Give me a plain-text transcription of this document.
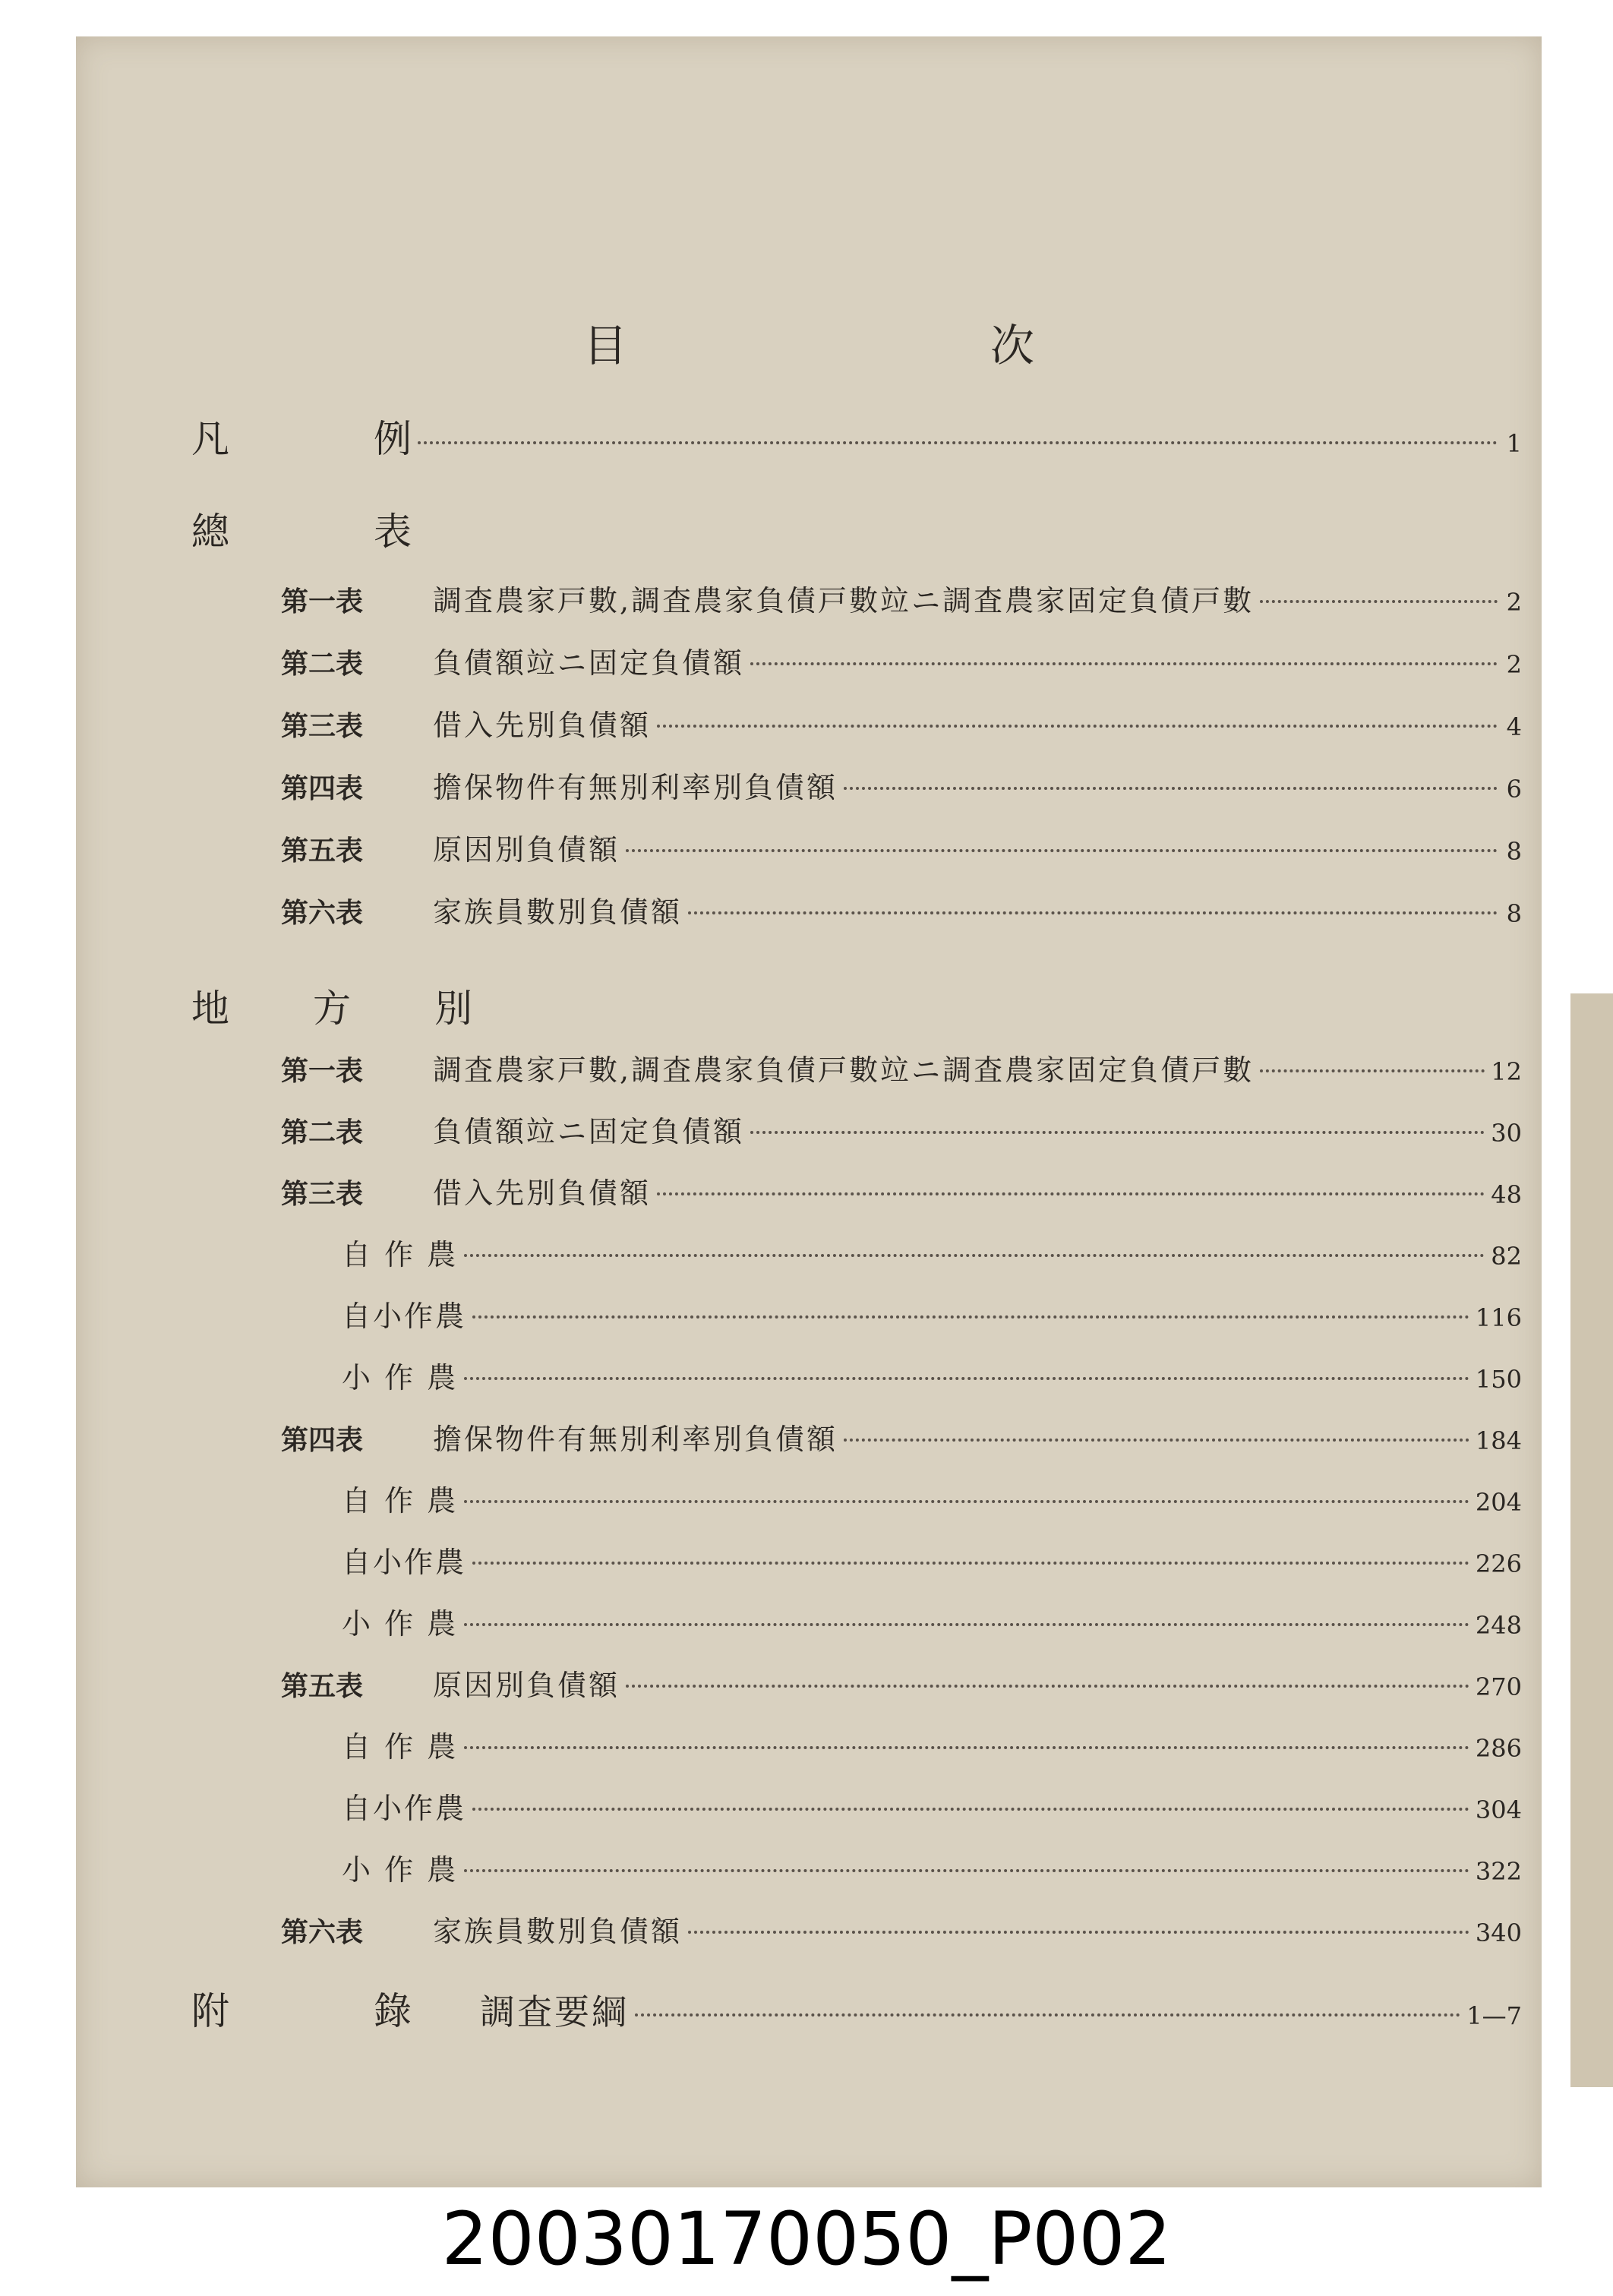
目　次
凡	例	1
總	表
第一表	調査農家戸數,調査農家負債戸數竝ニ調査農家固定負債戸數	2
第二表	負債額竝ニ固定負債額	2
第三表	借入先別負債額	4
第四表	擔保物件有無別利率別負債額	6
第五表	原因別負債額	8
第六表	家族員數別負債額	8
地　方　別
第一表	調査農家戸數,調査農家負債戸數竝ニ調査農家固定負債戸數	12
第二表	負債額竝ニ固定負債額	30
第三表	借入先別負債額	48
自 作 農	82
自小作農	116
小 作 農	150
第四表	擔保物件有無別利率別負債額	184
自 作 農	204
自小作農	226
小 作 農	248
第五表	原因別負債額	270
自 作 農	286
自小作農	304
小 作 農	322
第六表	家族員數別負債額	340
附	錄	調査要綱	1—7
20030170050_P002
